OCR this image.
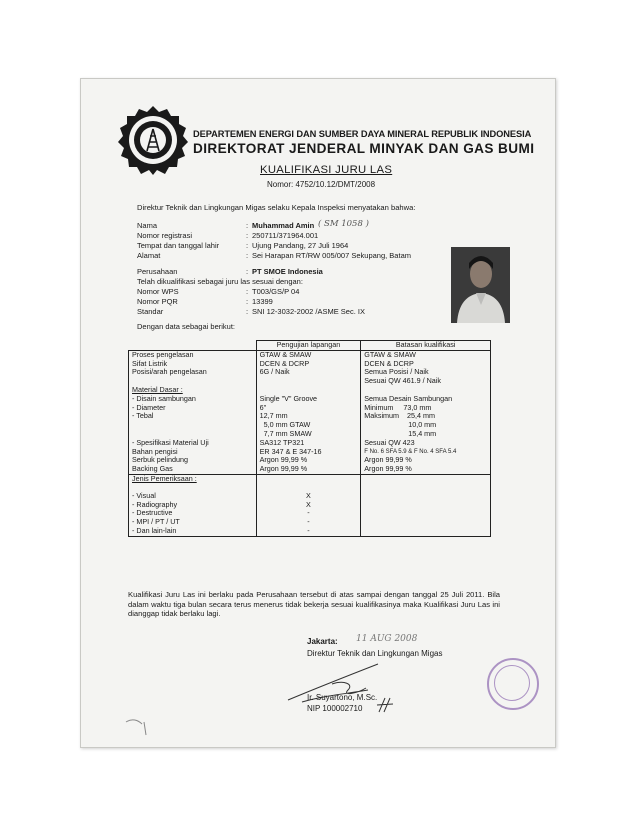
DEPARTEMEN ENERGI DAN SUMBER DAYA MINERAL REPUBLIK INDONESIA
DIREKTORAT JENDERAL MINYAK DAN GAS BUMI
KUALIFIKASI JURU LAS
Nomor: 4752/10.12/DMT/2008
Direktur Teknik dan Lingkungan Migas selaku Kepala Inspeksi menyatakan bahwa:
Nama	: Muhammad Amin ( SM 1058 )
Nomor registrasi	: 250711/371964.001
Tempat dan tanggal lahir	: Ujung Pandang, 27 Juli 1964
Alamat	: Sei Harapan RT/RW 005/007 Sekupang, Batam
Perusahaan	: PT SMOE Indonesia
Telah dikualifikasi sebagai juru las sesuai dengan:
Nomor WPS	: T003/GS/P 04
Nomor PQR	: 13399
Standar	: SNI 12-3032-2002 /ASME Sec. IX
Dengan data sebagai berikut:
	Pengujian lapangan	Batasan kualifikasi
Proses pengelasan	GTAW & SMAW	GTAW & SMAW
Sifat Listrik	DCEN & DCRP	DCEN & DCRP
Posisi/arah pengelasan	6G / Naik	Semua Posisi / Naik
		Sesuai QW 461.9 / Naik
Material Dasar :		
- Disain sambungan	Single "V" Groove	Semua Desain Sambungan
- Diameter	6"	Minimum     73,0 mm
- Tebal	12,7 mm	Maksimum    25,4 mm
	5,0 mm GTAW	10,0 mm
	7,7 mm SMAW	15,4 mm
- Spesifikasi Material Uji	SA312 TP321	Sesuai QW 423
Bahan pengisi	ER 347 & E 347-16	F No. 6 SFA 5.9 & F No. 4 SFA 5.4
Serbuk pelindung	Argon 99,99 %	Argon 99,99 %
Backing Gas	Argon 99,99 %	Argon 99,99 %
Jenis Pemeriksaan :		

- Visual	X	
- Radiography	X	
- Destructive	-	
- MPI / PT / UT	-	
- Dan lain-lain	-	
Kualifikasi Juru Las ini berlaku pada Perusahaan tersebut di atas sampai dengan tanggal 25 Juli 2011. Bila dalam waktu tiga bulan secara terus menerus tidak bekerja sesuai kualifikasinya maka Kualifikasi Juru Las ini dianggap tidak berlaku lagi.
Jakarta: 11 AUG 2008
Direktur Teknik dan Lingkungan Migas
Ir. Suyartono, M.Sc.
NIP 100002710
